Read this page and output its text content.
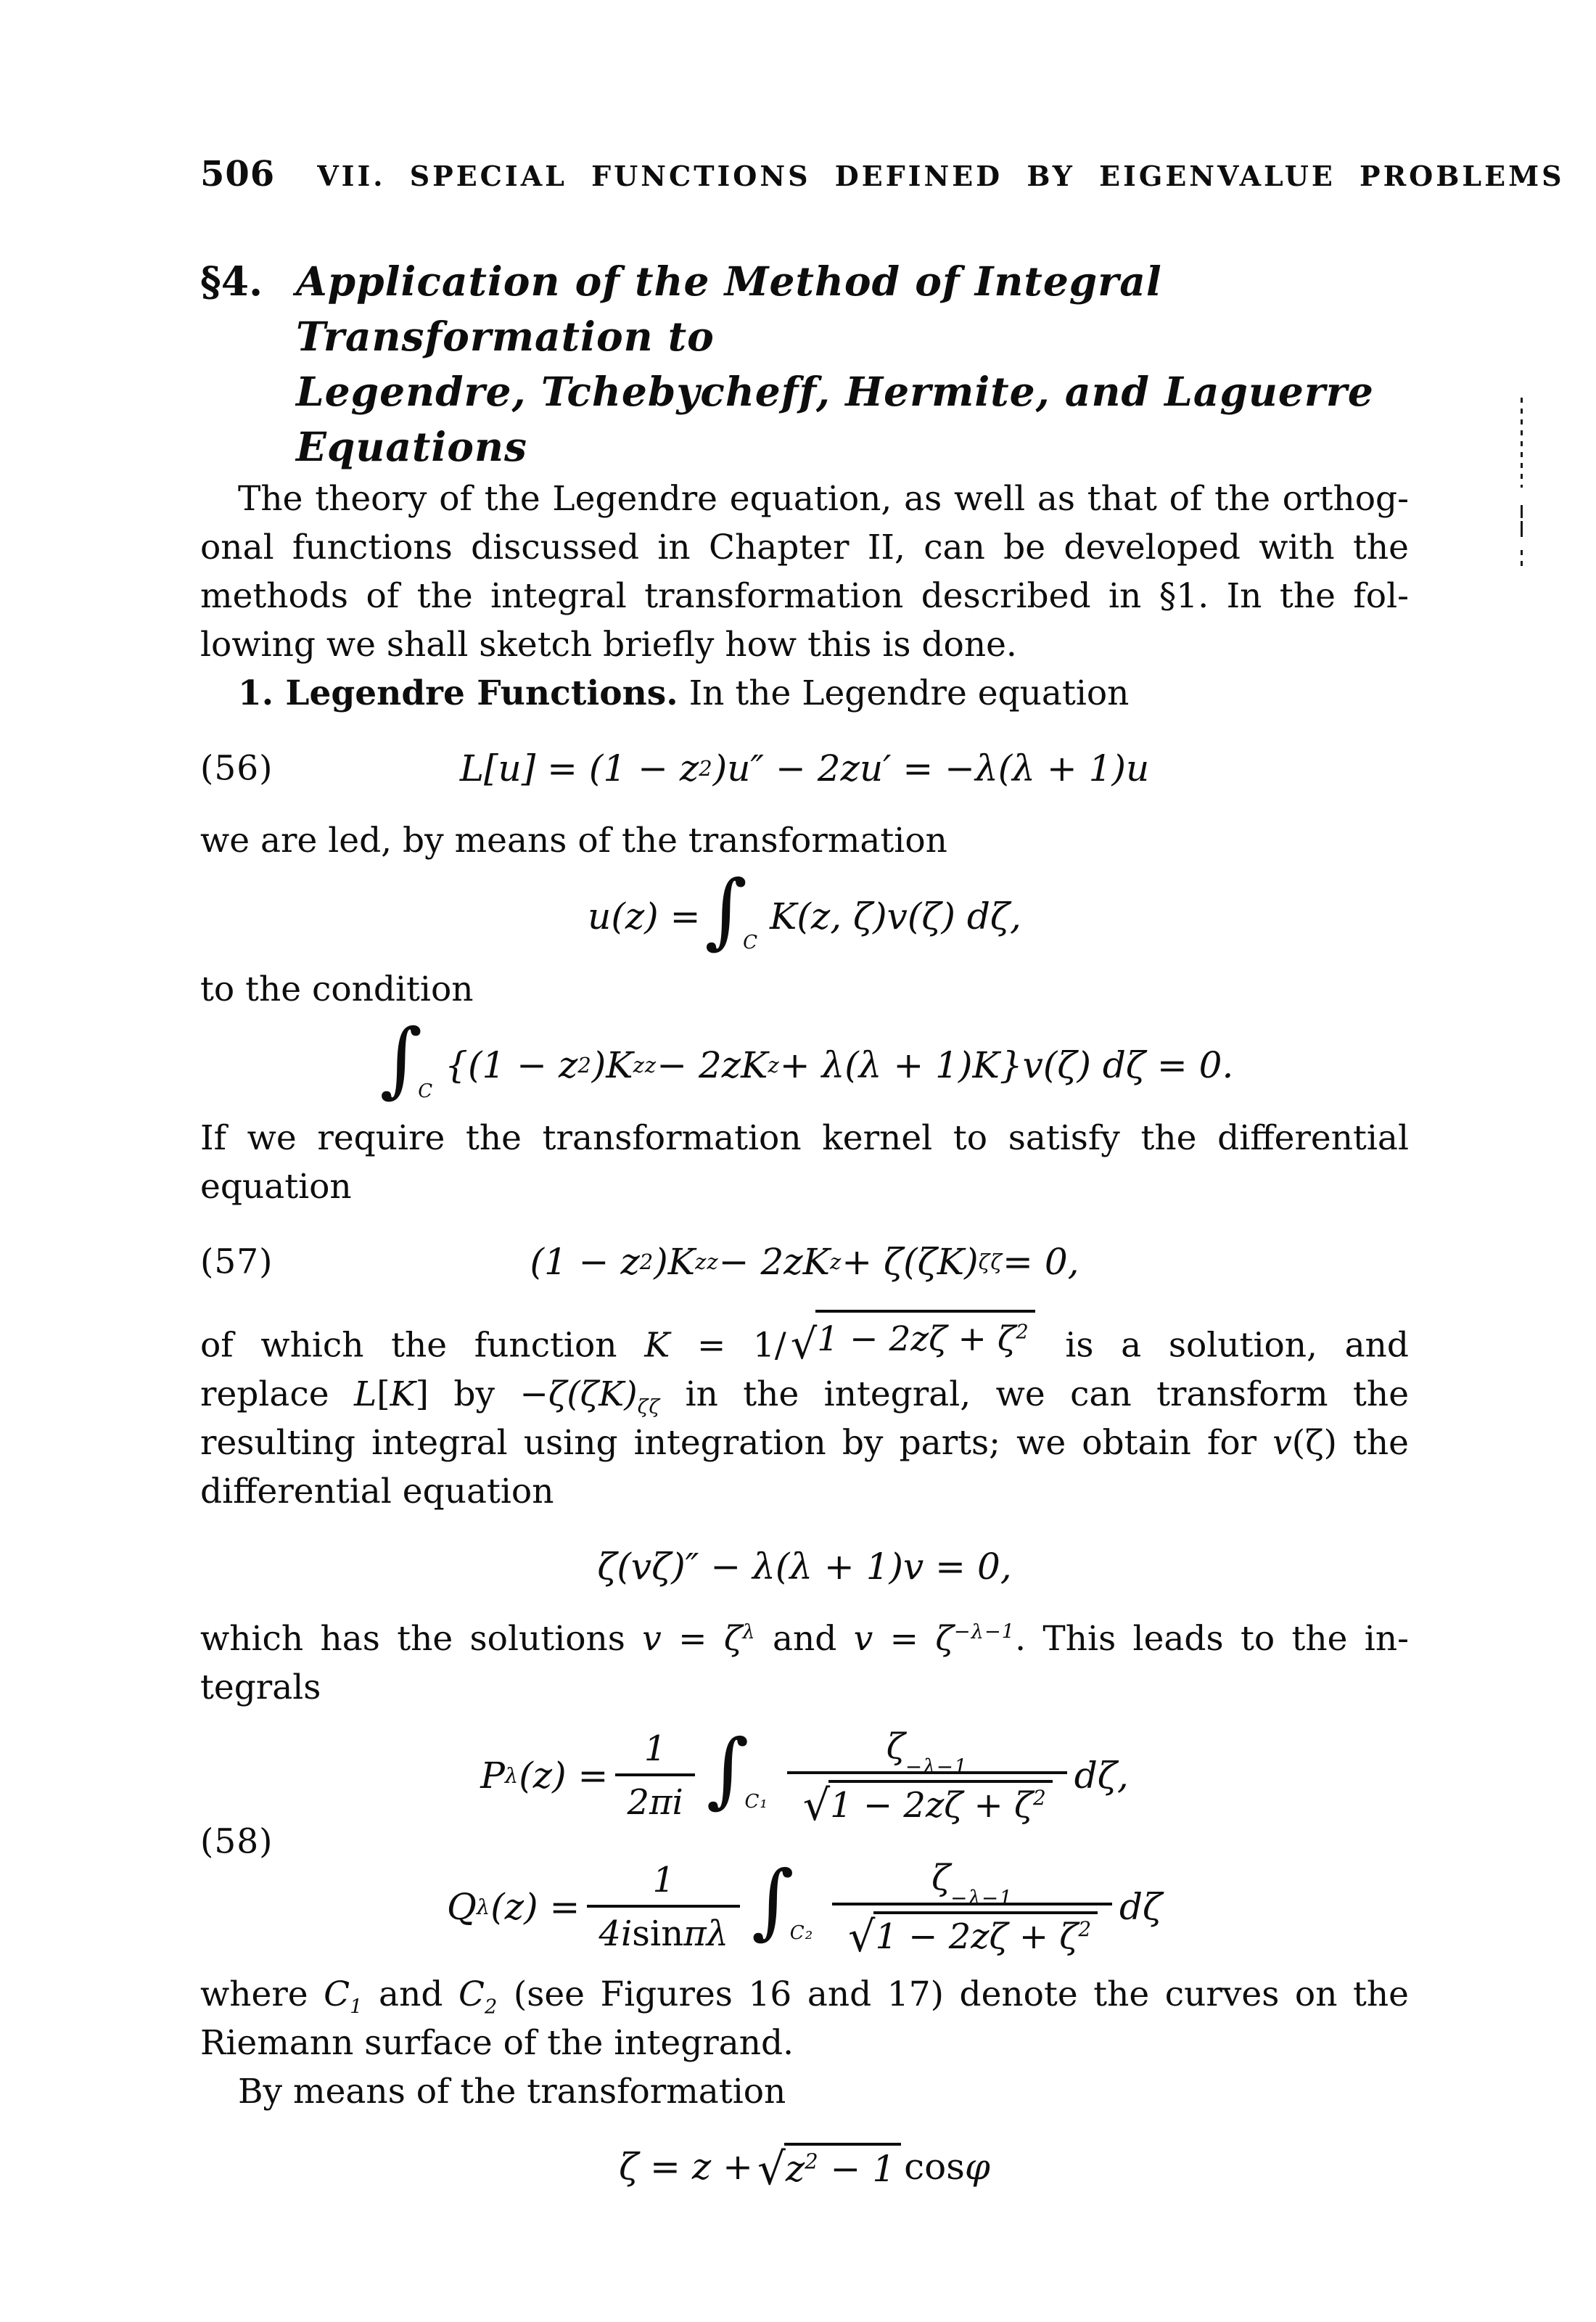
506 VII. SPECIAL FUNCTIONS DEFINED BY EIGENVALUE PROBLEMS
§4. Application of the Method of Integral Transformation to
Legendre, Tchebycheff, Hermite, and Laguerre Equations
The theory of the Legendre equation, as well as that of the orthog-
onal functions discussed in Chapter II, can be developed with the
methods of the integral transformation described in §1. In the fol-
lowing we shall sketch briefly how this is done.
1. Legendre Functions. In the Legendre equation
(56)	L[u] = (1 − z 2 )u″ − 2zu′ = −λ(λ + 1)u
we are led, by means of the transformation
u(z) = ∫
C
K(z, ζ)v(ζ) dζ,
to the condition
∫
C
{(1 − z 2 )K zz − 2zK z + λ(λ + 1)K}v(ζ) dζ = 0.
If we require the transformation kernel to satisfy the differential
equation
(57)	(1 − z 2 )K zz − 2zK z + ζ(ζK) ζζ = 0,
of which the function K = 1/ √ $1 - 2z\zeta + \zeta^2$ is a solution, and
replace L[K] by $-\zeta(\zeta K)_{\zeta\zeta}$ in the integral, we can transform the
resulting integral using integration by parts; we obtain for v(ζ) the
differential equation
ζ(vζ)″ − λ(λ + 1)v = 0,
which has the solutions $v = \zeta^\lambda$ and $v = \zeta^{-\lambda-1}$. This leads to the in-
tegrals
(58)
P λ $(z) = \frac{1}{2\pi i}$ ∫
$C_1 \frac{\zeta -\lambda-1}{√ 1 - 2z\zeta + \zeta^2} d\zeta$,
Q λ $(z) = \frac{1}{\text{4i sin πλ}}$ ∫
$C_2 \frac{\zeta -\lambda-1}{√ 1 - 2z\zeta + \zeta^2}$ dζ
where $C_1$ and $C_2$ (see Figures 16 and 17) denote the curves on the
Riemann surface of the integrand.
By means of the transformation
ζ = z + √ $z^2 - 1$ cos φ
